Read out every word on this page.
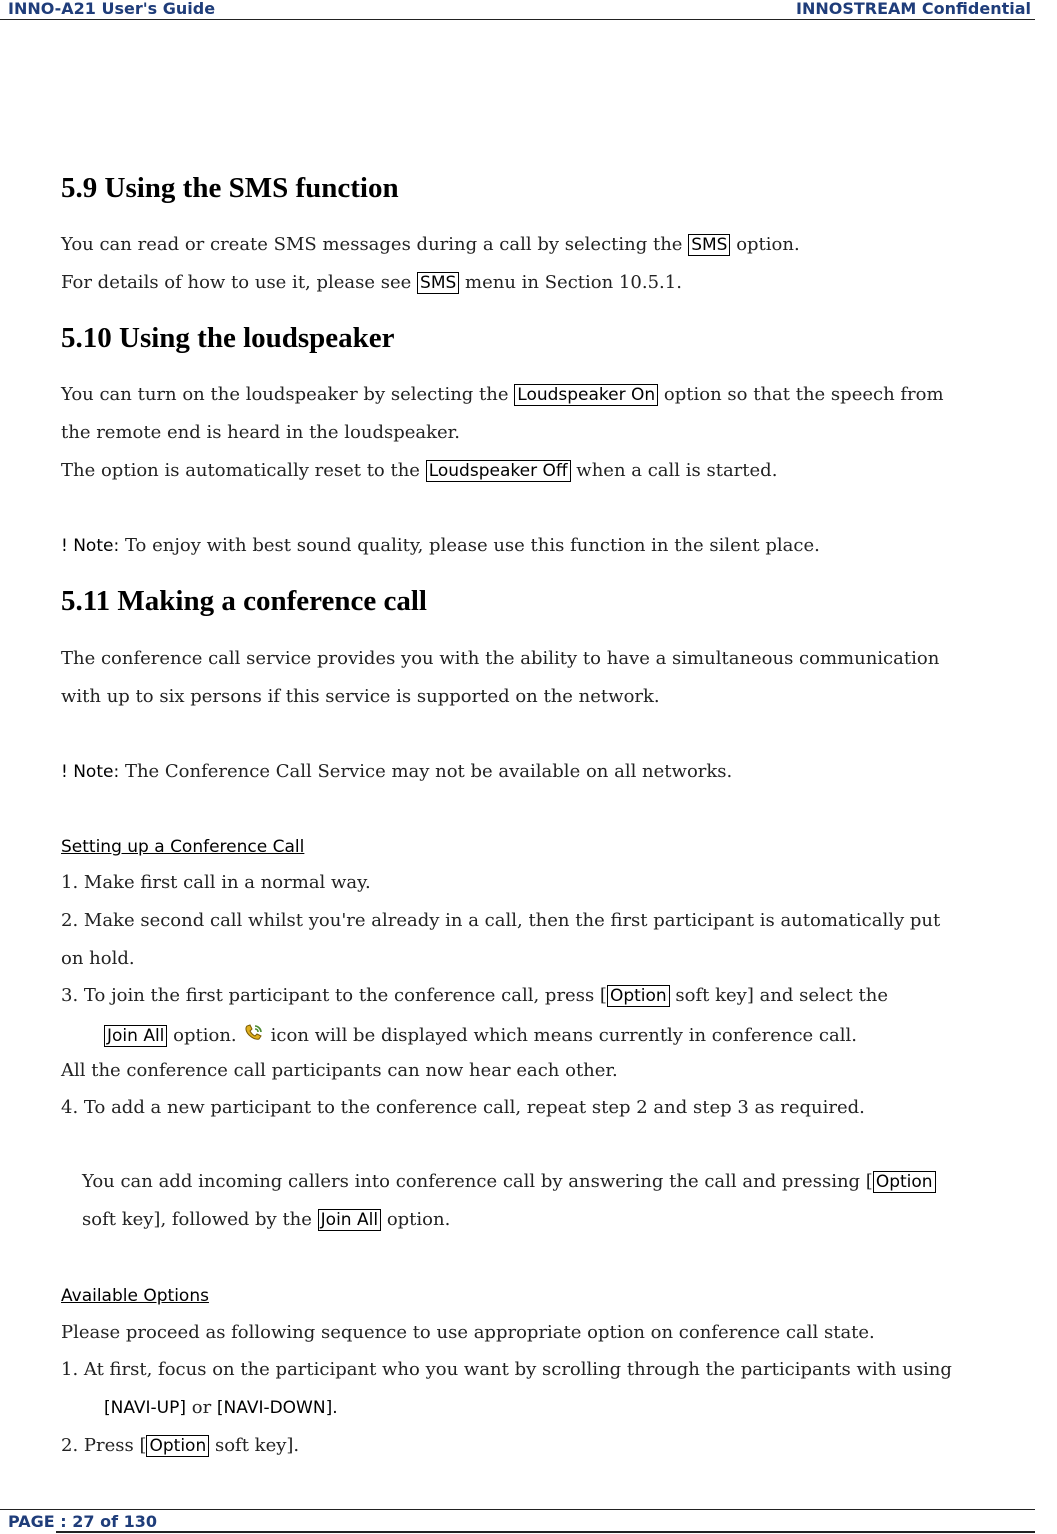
INNO-A21 User's Guide	INNOSTREAM Confidential
5.9 Using the SMS function
You can read or create SMS messages during a call by selecting the SMS option.
For details of how to use it, please see SMS menu in Section 10.5.1.
5.10 Using the loudspeaker
You can turn on the loudspeaker by selecting the Loudspeaker On option so that the speech from
the remote end is heard in the loudspeaker.
The option is automatically reset to the Loudspeaker Off when a call is started.
! Note: To enjoy with best sound quality, please use this function in the silent place.
5.11 Making a conference call
The conference call service provides you with the ability to have a simultaneous communication
with up to six persons if this service is supported on the network.
! Note: The Conference Call Service may not be available on all networks.
Setting up a Conference Call
1. Make first call in a normal way.
2. Make second call whilst you're already in a call, then the first participant is automatically put
on hold.
3. To join the first participant to the conference call, press [ Option soft key] and select the
Join All option. icon will be displayed which means currently in conference call.
All the conference call participants can now hear each other.
4. To add a new participant to the conference call, repeat step 2 and step 3 as required.
You can add incoming callers into conference call by answering the call and pressing [ Option
soft key], followed by the Join All option.
Available Options
Please proceed as following sequence to use appropriate option on conference call state.
1. At first, focus on the participant who you want by scrolling through the participants with using
[NAVI-UP] or [NAVI-DOWN].
2. Press [ Option soft key].
PAGE : 27 of 130
